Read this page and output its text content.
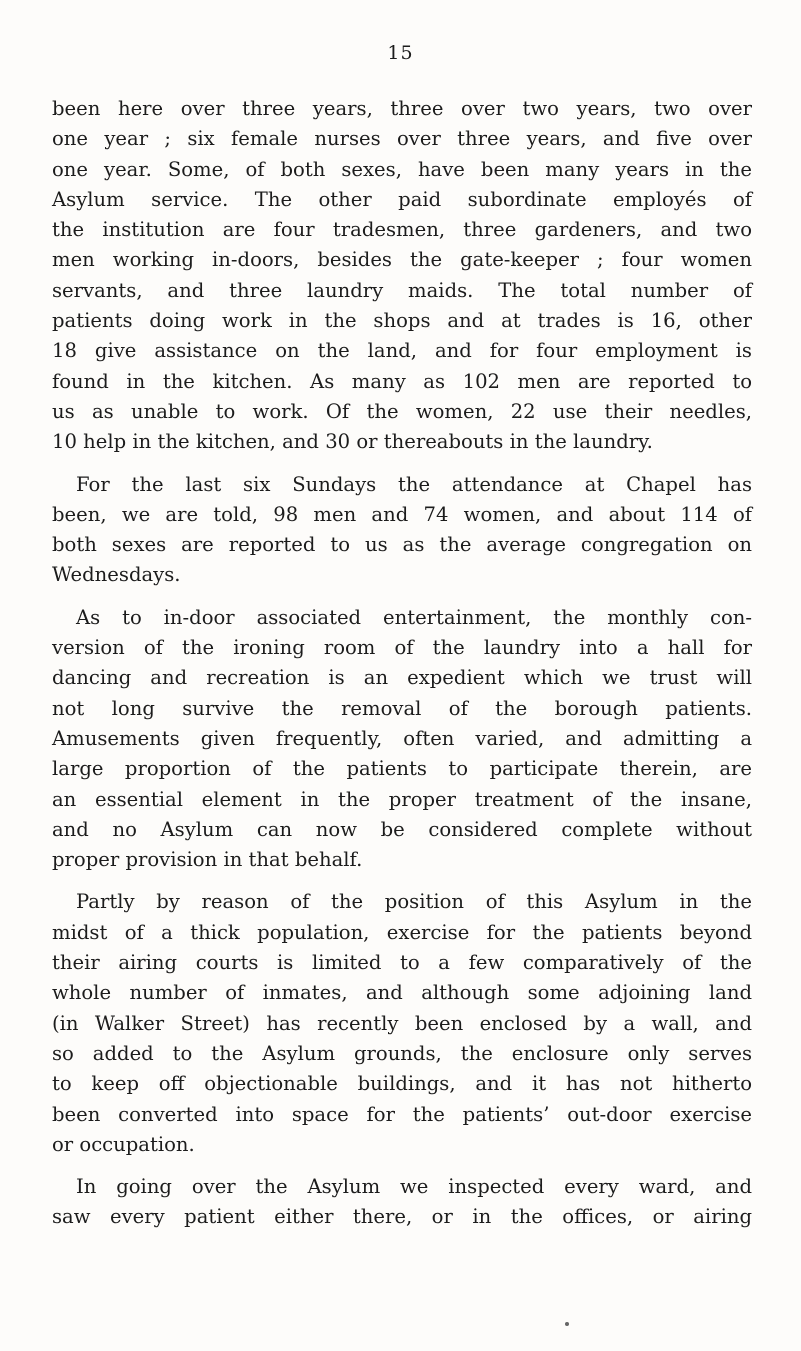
15
been here over three years, three over two years, two over
one year ; six female nurses over three years, and five over
one year. Some, of both sexes, have been many years in the
Asylum service. The other paid subordinate employés of
the institution are four tradesmen, three gardeners, and two
men working in-doors, besides the gate-keeper ; four women
servants, and three laundry maids. The total number of
patients doing work in the shops and at trades is 16, other
18 give assistance on the land, and for four employment is
found in the kitchen. As many as 102 men are reported to
us as unable to work. Of the women, 22 use their needles,
10 help in the kitchen, and 30 or thereabouts in the laundry.
For the last six Sundays the attendance at Chapel has
been, we are told, 98 men and 74 women, and about 114 of
both sexes are reported to us as the average congregation on
Wednesdays.
As to in-door associated entertainment, the monthly con-
version of the ironing room of the laundry into a hall for
dancing and recreation is an expedient which we trust will
not long survive the removal of the borough patients.
Amusements given frequently, often varied, and admitting a
large proportion of the patients to participate therein, are
an essential element in the proper treatment of the insane,
and no Asylum can now be considered complete without
proper provision in that behalf.
Partly by reason of the position of this Asylum in the
midst of a thick population, exercise for the patients beyond
their airing courts is limited to a few comparatively of the
whole number of inmates, and although some adjoining land
(in Walker Street) has recently been enclosed by a wall, and
so added to the Asylum grounds, the enclosure only serves
to keep off objectionable buildings, and it has not hitherto
been converted into space for the patients’ out-door exercise
or occupation.
In going over the Asylum we inspected every ward, and
saw every patient either there, or in the offices, or airing
